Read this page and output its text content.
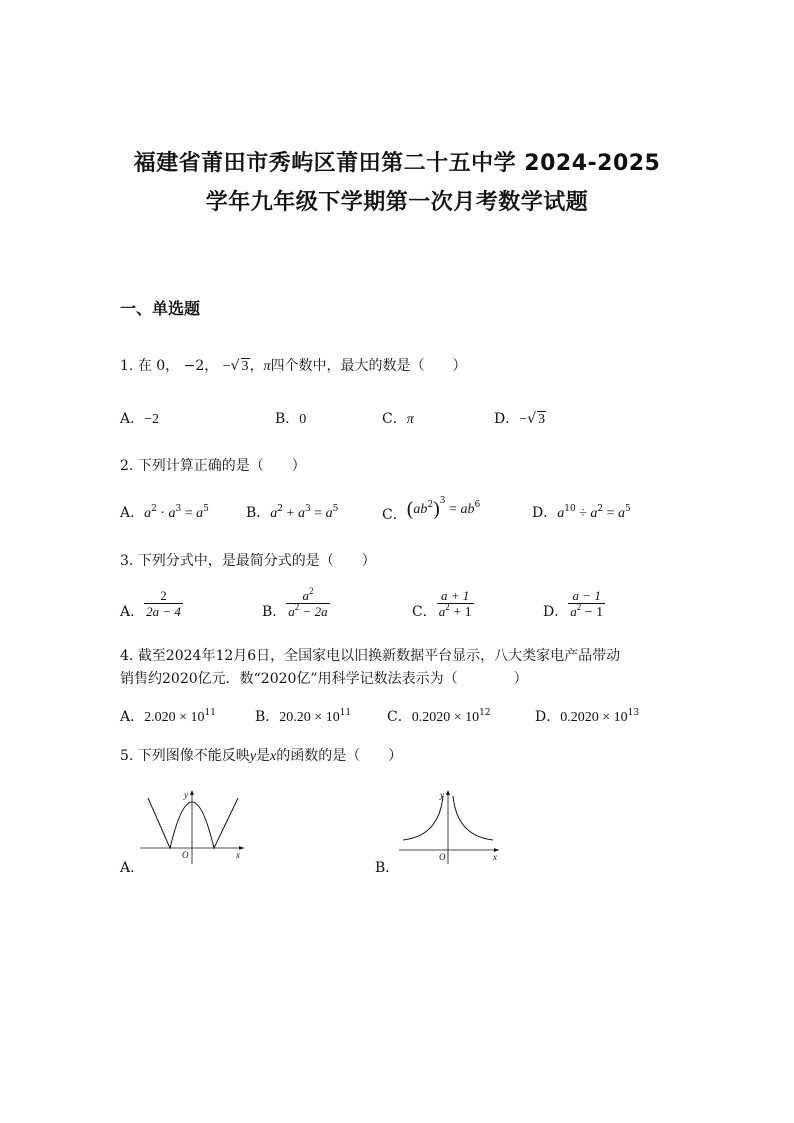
福建省莆田市秀屿区莆田第二十五中学 2024-2025
学年九年级下学期第一次月考数学试题
一、单选题
1. 在 0， −2， −√ 3，π四个数中，最大的数是（　　）
A．−2	B．0	C．π	D．−√ 3
2. 下列计算正确的是（　　）
A．$a^2 \cdot a^3 = a^5$	B．$a^2 + a^3 = a^5$	C．$(ab^2)^3 = ab^6$	D．$a^{10} \div a^2 = a^5$
3. 下列分式中，是最简分式的是（　　）
A． $\frac{2}{2a - 4}$	B． $\frac{a^2}{a^2 - 2a}$	C． $\frac{a + 1}{a^2 + 1}$	D． $\frac{a - 1}{a^2 - 1}$
4. 截至2024年12月6日，全国家电以旧换新数据平台显示，八大类家电产品带动
销售约2020亿元．数“2020亿”用科学记数法表示为（　　　　）
A．$2.020 \times 10^{11}$	B．$20.20 \times 10^{11}$	C．$0.2020 \times 10^{12}$	D．$0.2020 \times 10^{13}$
5. 下列图像不能反映y是x的函数的是（　　）
A．
x
y
O
B．
x
y
O
